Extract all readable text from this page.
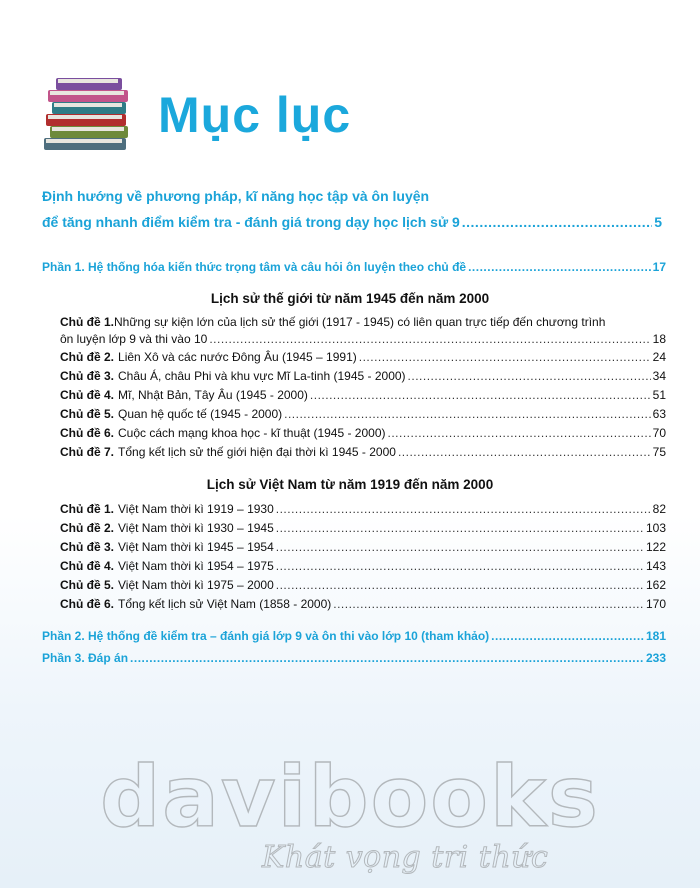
Mục lục
Định hướng về phương pháp, kĩ năng học tập và ôn luyện
để tăng nhanh điểm kiểm tra - đánh giá trong dạy học lịch sử 9 .....	5
Phần 1. Hệ thống hóa kiến thức trọng tâm và câu hỏi ôn luyện theo chủ đề .....	17
Lịch sử thế giới từ năm 1945 đến năm 2000
Chủ đề 1.Những sự kiện lớn của lịch sử thế giới (1917 - 1945) có liên quan trực tiếp đến chương trình
ôn luyện lớp 9 và thi vào 10 .....	18
Chủ đề 2. Liên Xô và các nước Đông Âu (1945 – 1991) .....	24
Chủ đề 3. Châu Á, châu Phi và khu vực Mĩ La-tinh (1945 - 2000) .....	34
Chủ đề 4. Mĩ, Nhật Bản, Tây Âu (1945 - 2000) .....	51
Chủ đề 5. Quan hệ quốc tế (1945 - 2000) .....	63
Chủ đề 6. Cuộc cách mạng khoa học - kĩ thuật (1945 - 2000) .....	70
Chủ đề 7. Tổng kết lịch sử thế giới hiện đại thời kì 1945 - 2000 .....	75
Lịch sử Việt Nam từ năm 1919 đến năm 2000
Chủ đề 1. Việt Nam thời kì 1919 – 1930 .....	82
Chủ đề 2. Việt Nam thời kì 1930 – 1945 .....	103
Chủ đề 3. Việt Nam thời kì 1945 – 1954 .....	122
Chủ đề 4. Việt Nam thời kì 1954 – 1975 .....	143
Chủ đề 5. Việt Nam thời kì 1975 – 2000 .....	162
Chủ đề 6. Tổng kết lịch sử Việt Nam (1858 - 2000) .....	170
Phần 2. Hệ thống đề kiểm tra – đánh giá lớp 9 và ôn thi vào lớp 10 (tham khảo) .....	181
Phần 3. Đáp án .....	233
davibooks
Khát vọng tri thức
